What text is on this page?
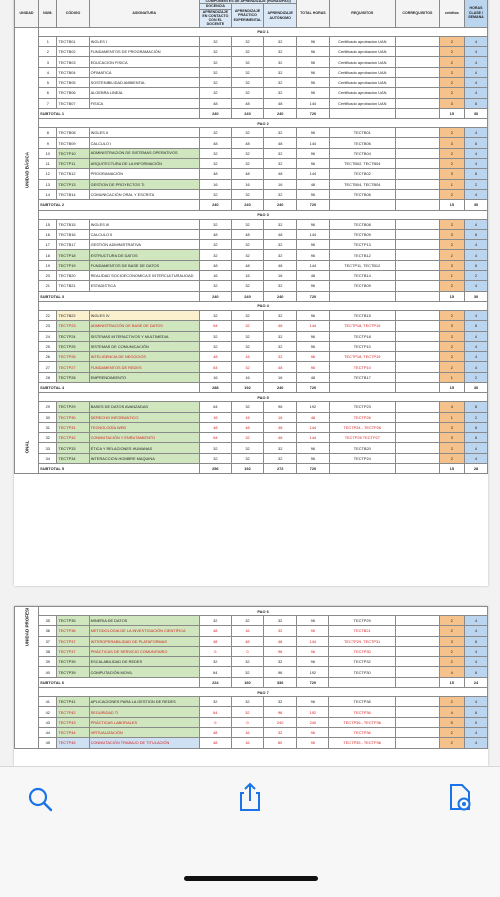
UNIDAD	NUM.	CÓDIGO	ASIGNATURA	COMPONENTES DE APRENDIZAJE (HORAS/PAO)			TOTAL HORAS	REQUISITOS	CORREQUISITOS	créditos	HORAS CLASE / SEMANA
				DOCENCIA	APRENDIZAJE PRÁCTICO EXPERIMENTAL	APRENDIZAJE AUTÓNOMO					
				APRENDIZAJE EN CONTACTO CON EL DOCENTE							

UNIDAD BÁSICA
ONAL	PAO 1										
	1	TECTB01	INGLES I	32	32	32	96	Certificado aprobacion UAN		2	4
	2	TECTB02	FUNDAMENTOS DE PROGRAMACIÓN	32	32	32	96	Certificado aprobacion UAN		2	4
	3	TECTB03	EDUCACION FISICA	32	32	32	96	Certificado aprobacion UAN		2	4
	4	TECTB04	OFIMATICA	32	32	32	96	Certificado aprobacion UAN		2	4
	5	TECTB05	SOSTENIBILIDAD AMBIENTAL	32	32	32	96	Certificado aprobacion UAN		2	4
	6	TECTB06	ALGEBRA LINEAL	32	32	32	96	Certificado aprobacion UAN		2	4
	7	TECTB07	FISICA	48	48	48	144	Certificado aprobacion UAN		3	6
	SUBTOTAL 1			240	240	240	720			15	30
	PAO 2										
	8	TECTB08	INGLES II	32	32	32	96	TECTB01		2	4
	9	TECTB09	CALCULO I	48	48	48	144	TECTB06		3	6
	10	TECTP10	ADMINISTRACION DE SISTEMAS OPERATIVOS	32	32	32	96	TECTB04		2	4
	11	TECTP11	ARQUITECTURA DE LA INFORMACIÓN	32	32	32	96	TECTB02, TECTB04		2	4
	12	TECTB12	PROGRAMACIÓN	48	48	48	144	TECTB02		3	6
	13	TECTP13	GESTION DE PROYECTOS TI	16	16	16	48	TECTB04, TECTB04		1	2
	14	TECTB14	COMUNICACIÓN ORAL Y ESCRITA	32	32	32	96	TECTB06		2	4
	SUBTOTAL 2			240	240	240	720			15	30
	PAO 3										
	15	TECTB15	INGLES III	32	32	32	96	TECTB08		2	4
	16	TECTB16	CALCULO II	48	48	48	144	TECTB09		3	6
	17	TECTB17	GESTIÓN ADMINISTRATIVA	32	32	32	96	TECTP13		2	4
	18	TECTP18	ESTRUCTURA DE DATOS	32	32	32	96	TECTB12		2	4
	19	TECTP19	FUNDAMENTOS DE BASE DE DATOS	48	48	48	144	TECTP11, TECTB12		3	6
	20	TECTB20	REALIDAD SOCIOECONOMICA E INTERCULTURALIDAD	16	16	16	48	TECTB14		1	2
	21	TECTB21	ESTADISTICA	32	32	32	96	TECTB09		2	4
	SUBTOTAL 3			240	240	240	720			15	30
	PAO 4										
	22	TECTB22	INGLES IV	32	32	32	96	TECTB15		2	4
	23	TECTP23	ADMINISTRACIÓN DE BASE DE DATOS	64	32	48	144	TECTP18, TECTP19		3	6
	24	TECTP24	SISTEMAS INTERACTIVOS Y MULTIMEDIA	32	32	32	96	TECTP18		2	4
	25	TECTP25	SISTEMAS DE COMUNICACIÓN	32	32	32	96	TECTP10		2	4
	26	TECTP26	INTELIGENCIA DE NEGOCIOS	48	16	32	96	TECTP18, TECTP19		2	4
	27	TECTP27	FUNDAMENTOS DE REDES	64	32	48	96	TECTP10		2	4
	28	TECTP28	EMPRENDIMIENTO	16	16	16	48	TECTB17		1	2
	SUBTOTAL 4			288	192	240	720			15	30
	PAO 5										
	29	TECTP29	BASES DE DATOS AVANZADAS	64	32	96	192	TECTP23		4	8
	30	TECTP30	DERECHO INFORMÁTICO	16	16	16	48	TECTP26		1	2
	31	TECTP31	TECNOLOGÍA WEB	48	48	48	144	TECTP24 - TECTP26		3	6
	32	TECTP32	CONMUTACIÓN Y ENRUTAMIENTO	64	32	48	144	TECTP25 TECTP27		3	6
	33	TECTP33	ÉTICA Y RELACIONES HUMANAS	32	32	32	96	TECTB20		2	4
	34	TECTP34	INTERACCION HOMBRE MAQUINA	32	32	32	96	TECTP24		2	4
	SUBTOTAL 5			256	192	272	720			15	28
UNIDAD PROFESI	PAO 6										
	35	TECTP35	MINERIA DE DATOS	32	32	32	96	TECTP29		2	4
	36	TECTP36	METODOLOGIA DE LA INVESTIGACIÓN CIENTÍFICA	48	16	32	96	TECTB21		2	4
	37	TECTP37	INTEROPERABILIDAD DE PLATAFORMAS	48	48	48	144	TECTP29, TECTP31		3	6
	38	TECTP37	PRÁCTICAS DE SERVICIO COMUNITARIO	0	0	96	96	TECTP30		2	4
	39	TECTP39	ESCALABILIDAD DE REDES	32	32	32	96	TECTP32		2	4
	40	TECTP39	COMPUTACIÓN MOVIL	64	32	96	192	TECTP30		4	6
	SUBTOTAL 6			224	160	336	720			15	24
	PAO 7										
	41	TECTP41	APLICACIONES PARA LA GESTION DE REDES	32	32	32	96	TECTP38		2	4
	42	TECTP42	SEGURIDAD TI	64	32	96	192	TECTP36		4	6
	43	TECTP43	PRÁCTICAS LABORALES	0	0	240	240	TECTP36 - TECTP36		5	0
	44	TECTP44	VIRTUALIZACIÓN	48	16	32	96	TECTP36		2	4
	45	TECTP45	CONMUTACIÓN TRABAJO DE TITULACIÓN	48	16	80	96	TECTP35 - TECTP36		2	4
